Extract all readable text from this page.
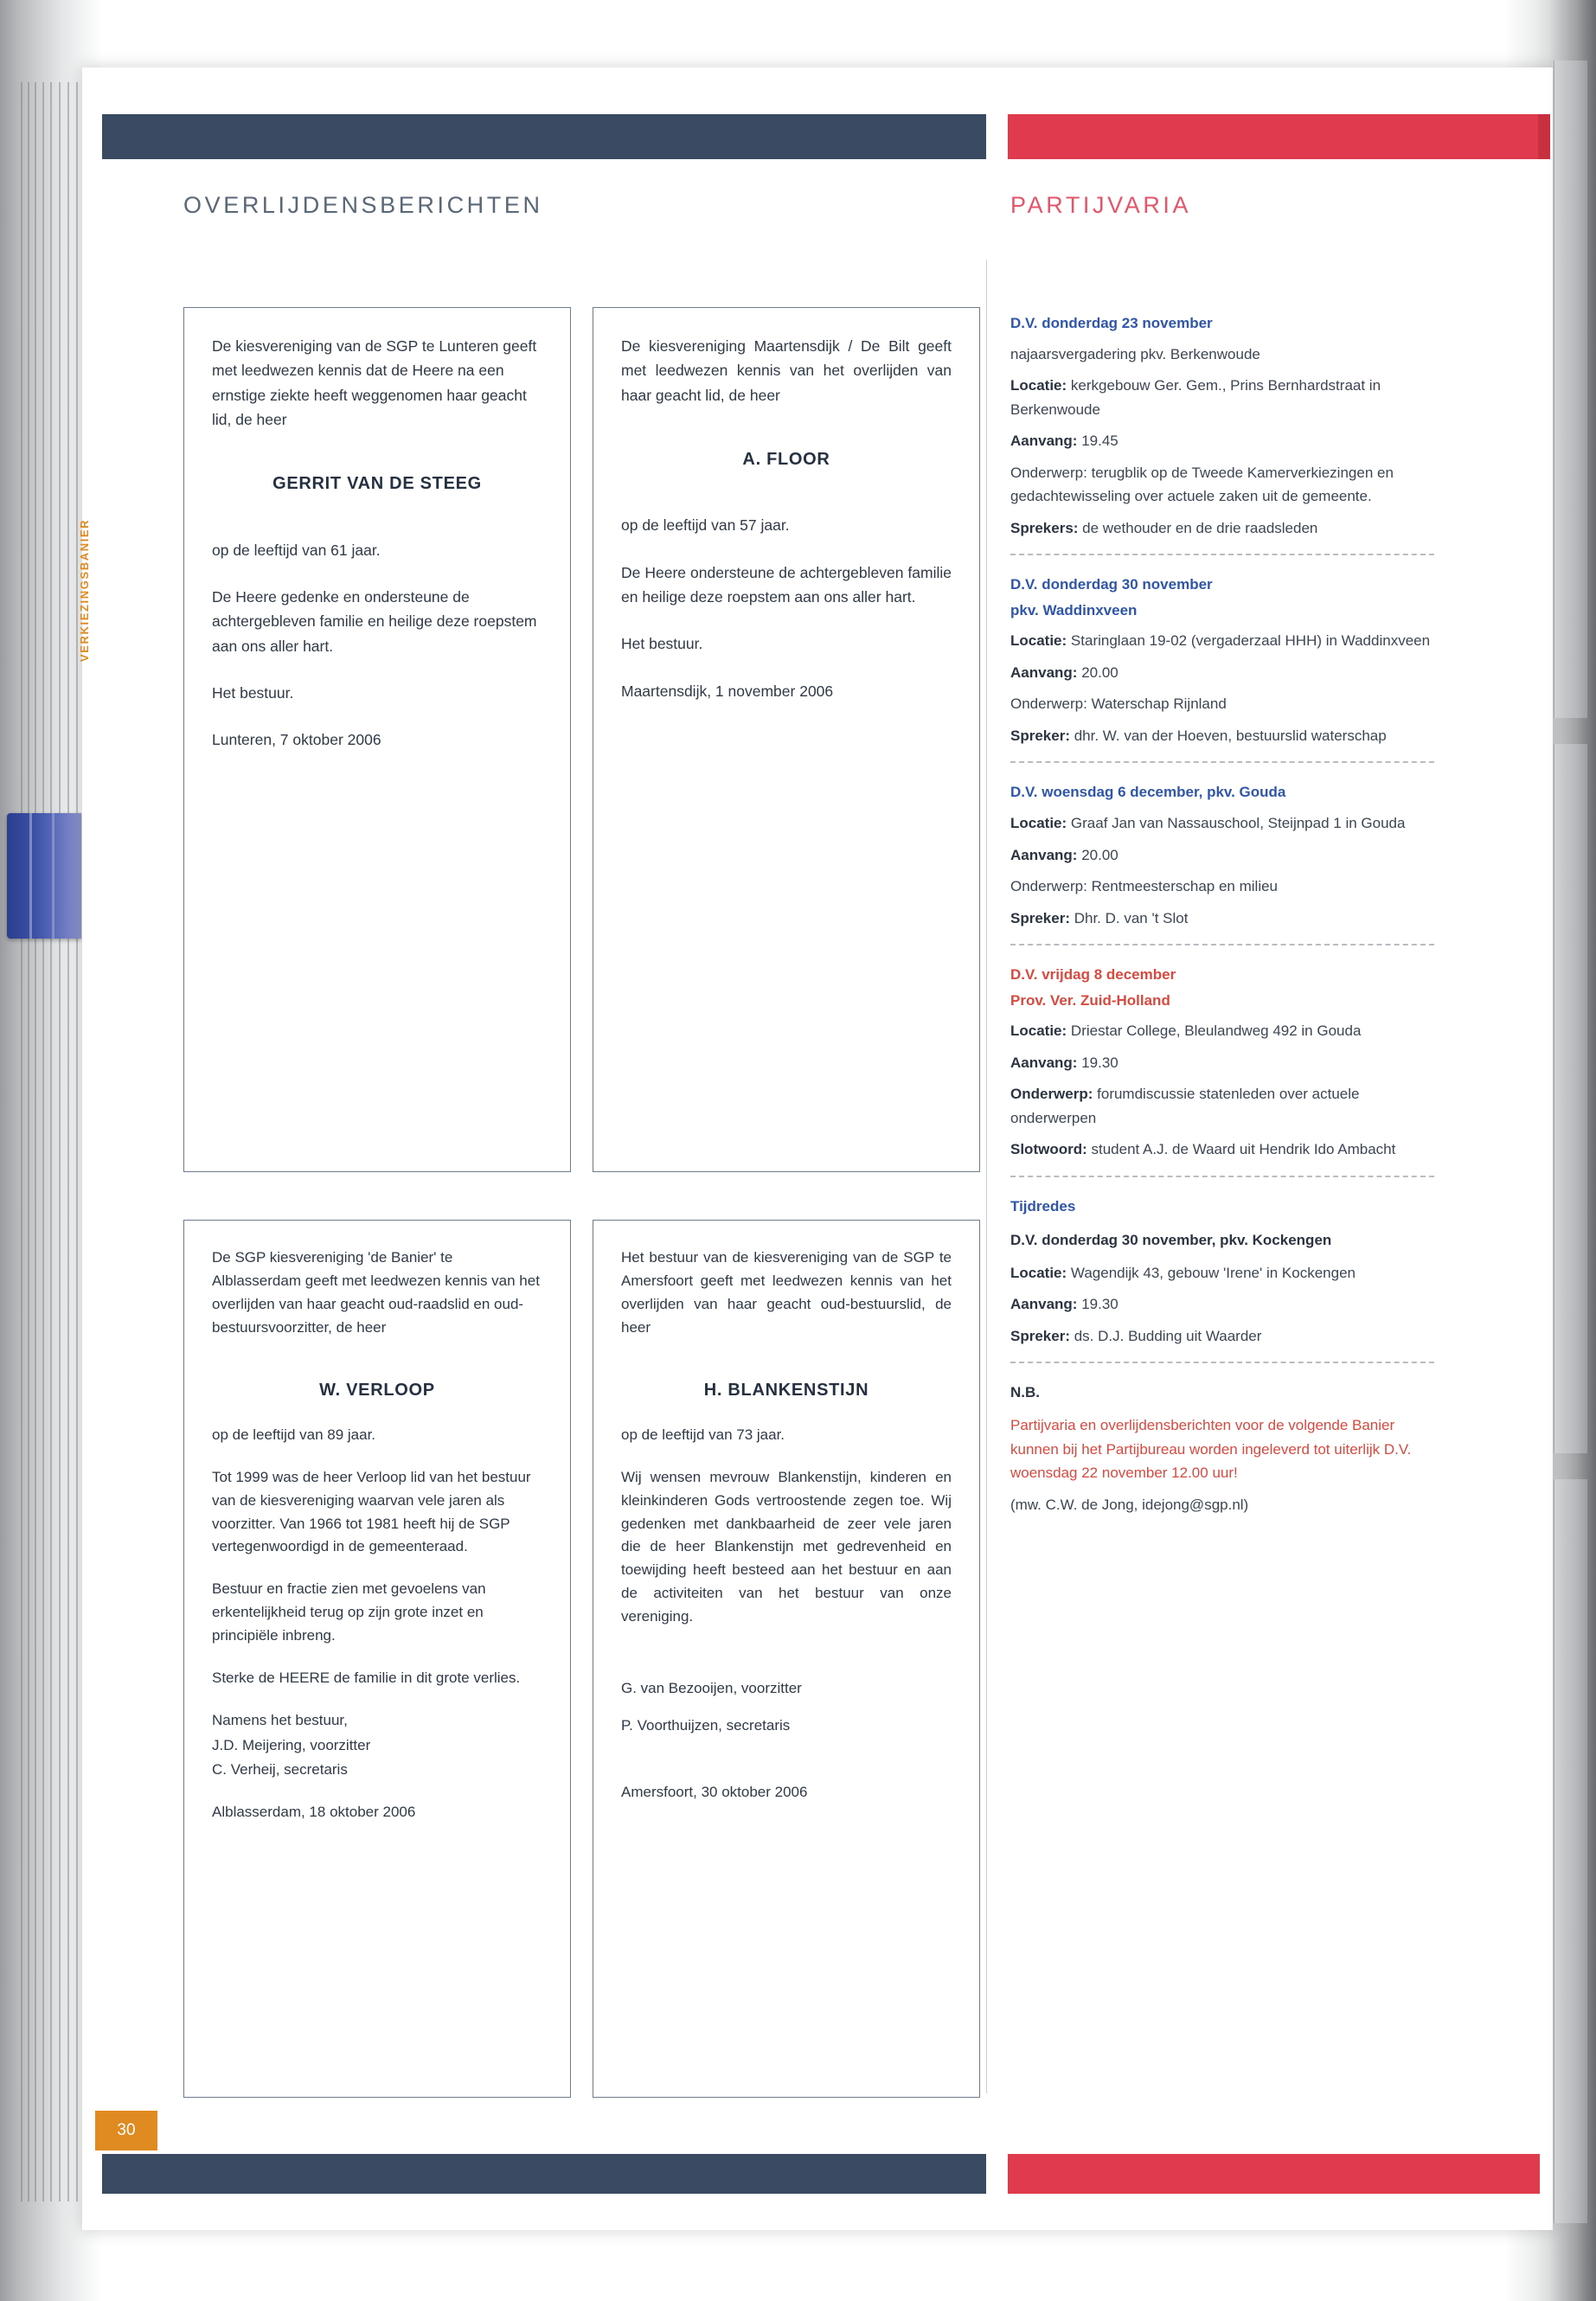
OVERLIJDENSBERICHTEN	PARTIJVARIA
VERKIEZINGSBANIER
30

De kiesvereniging van de SGP te Lunteren geeft met leedwezen kennis dat de Heere na een ernstige ziekte heeft weggenomen haar geacht lid, de heer

GERRIT VAN DE STEEG

op de leeftijd van 61 jaar.

De Heere gedenke en ondersteune de achtergebleven familie en heilige deze roepstem aan ons aller hart.

Het bestuur.

Lunteren, 7 oktober 2006

De kiesvereniging Maartensdijk / De Bilt geeft met leedwezen kennis van het overlijden van haar geacht lid, de heer

A. FLOOR

op de leeftijd van 57 jaar.

De Heere ondersteune de achtergebleven familie en heilige deze roepstem aan ons aller hart.

Het bestuur.

Maartensdijk, 1 november 2006

De SGP kiesvereniging 'de Banier' te Alblasserdam geeft met leedwezen kennis van het overlijden van haar geacht oud-raadslid en oud-bestuursvoorzitter, de heer

W. VERLOOP

op de leeftijd van 89 jaar.

Tot 1999 was de heer Verloop lid van het bestuur van de kiesvereniging waarvan vele jaren als voorzitter. Van 1966 tot 1981 heeft hij de SGP vertegenwoordigd in de gemeenteraad.

Bestuur en fractie zien met gevoelens van erkentelijkheid terug op zijn grote inzet en principiële inbreng.

Sterke de HEERE de familie in dit grote verlies.

Namens het bestuur,

J.D. Meijering, voorzitter

C. Verheij, secretaris

Alblasserdam, 18 oktober 2006

Het bestuur van de kiesvereniging van de SGP te Amersfoort geeft met leedwezen kennis van het overlijden van haar geacht oud-bestuurslid, de heer

H. BLANKENSTIJN

op de leeftijd van 73 jaar.

Wij wensen mevrouw Blankenstijn, kinderen en kleinkinderen Gods vertroostende zegen toe. Wij gedenken met dankbaarheid de zeer vele jaren die de heer Blankenstijn met gedrevenheid en toewijding heeft besteed aan het bestuur en aan de activiteiten van het bestuur van onze vereniging.

G. van Bezooijen, voorzitter

P. Voorthuijzen, secretaris

Amersfoort, 30 oktober 2006

D.V. donderdag 23 november
najaarsvergadering pkv. Berkenwoude
Locatie: kerkgebouw Ger. Gem., Prins Bernhardstraat in Berkenwoude
Aanvang: 19.45
Onderwerp: terugblik op de Tweede Kamerverkiezingen en gedachtewisseling over actuele zaken uit de gemeente.
Sprekers: de wethouder en de drie raadsleden
D.V. donderdag 30 november
pkv. Waddinxveen
Locatie: Staringlaan 19-02 (vergaderzaal HHH) in Waddinxveen
Aanvang: 20.00
Onderwerp: Waterschap Rijnland
Spreker: dhr. W. van der Hoeven, bestuurslid waterschap
D.V. woensdag 6 december, pkv. Gouda
Locatie: Graaf Jan van Nassauschool, Steijnpad 1 in Gouda
Aanvang: 20.00
Onderwerp: Rentmeesterschap en milieu
Spreker: Dhr. D. van 't Slot
D.V. vrijdag 8 december
Prov. Ver. Zuid-Holland
Locatie: Driestar College, Bleulandweg 492 in Gouda
Aanvang: 19.30
Onderwerp: forumdiscussie statenleden over actuele onderwerpen
Slotwoord: student A.J. de Waard uit Hendrik Ido Ambacht
Tijdredes
D.V. donderdag 30 november, pkv. Kockengen
Locatie: Wagendijk 43, gebouw 'Irene' in Kockengen
Aanvang: 19.30
Spreker: ds. D.J. Budding uit Waarder
N.B.
Partijvaria en overlijdensberichten voor de volgende Banier kunnen bij het Partijbureau worden ingeleverd tot uiterlijk D.V. woensdag 22 november 12.00 uur!
(mw. C.W. de Jong, idejong@sgp.nl)
